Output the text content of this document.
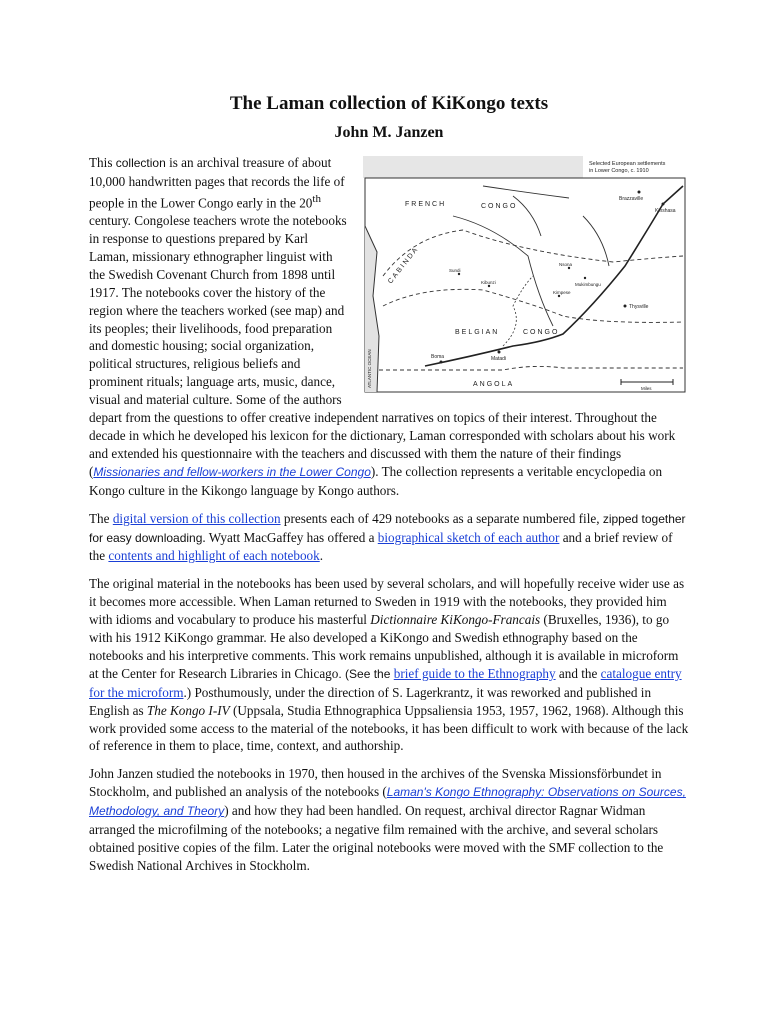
The Laman collection of KiKongo texts
John M. Janzen

Selected European settlements
in Lower Congo, c. 1910
FRENCH	CONGO
CABINDA
BELGIAN	CONGO
ANGOLA
ATLANTIC OCEAN
Brazzaville
Kinshasa
Thysville
Boma	Matadi
Kibunzi
Nsona
Sundi
Kimpese
Mukimbungu
Miles
This collection is an archival treasure of about 10,000 handwritten pages that records the life of people in the Lower Congo early in the 20th century. Congolese teachers wrote the notebooks in response to questions prepared by Karl Laman, missionary ethnographer linguist with the Swedish Covenant Church from 1898 until 1917. The notebooks cover the history of the region where the teachers worked (see map) and its peoples; their livelihoods, food preparation and domestic housing; social organization, political structures, religious beliefs and prominent rituals; language arts, music, dance, visual and material culture. Some of the authors depart from the questions to offer creative independent narratives on topics of their interest. Throughout the decade in which he developed his lexicon for the dictionary, Laman corresponded with scholars about his work and extended his questionnaire with the teachers and discussed with them the nature of their findings (Missionaries and fellow-workers in the Lower Congo). The collection represents a veritable encyclopedia on Kongo culture in the Kikongo language by Kongo authors.

The digital version of this collection presents each of 429 notebooks as a separate numbered file, zipped together for easy downloading. Wyatt MacGaffey has offered a biographical sketch of each author and a brief review of the contents and highlight of each notebook.

The original material in the notebooks has been used by several scholars, and will hopefully receive wider use as it becomes more accessible. When Laman returned to Sweden in 1919 with the notebooks, they provided him with idioms and vocabulary to produce his masterful Dictionnaire KiKongo-Francais (Bruxelles, 1936), to go with his 1912 KiKongo grammar. He also developed a KiKongo and Swedish ethnography based on the notebooks and his interpretive comments. This work remains unpublished, although it is available in microform at the Center for Research Libraries in Chicago. (See the brief guide to the Ethnography and the catalogue entry for the microform.) Posthumously, under the direction of S. Lagerkrantz, it was reworked and published in English as The Kongo I-IV (Uppsala, Studia Ethnographica Uppsaliensia 1953, 1957, 1962, 1968). Although this work provided some access to the material of the notebooks, it has been difficult to work with because of the lack of reference in them to place, time, context, and authorship.

John Janzen studied the notebooks in 1970, then housed in the archives of the Svenska Missionsförbundet in Stockholm, and published an analysis of the notebooks (Laman's Kongo Ethnography: Observations on Sources, Methodology, and Theory) and how they had been handled. On request, archival director Ragnar Widman arranged the microfilming of the notebooks; a negative film remained with the archive, and several scholars obtained positive copies of the film. Later the original notebooks were moved with the SMF collection to the Swedish National Archives in Stockholm.
